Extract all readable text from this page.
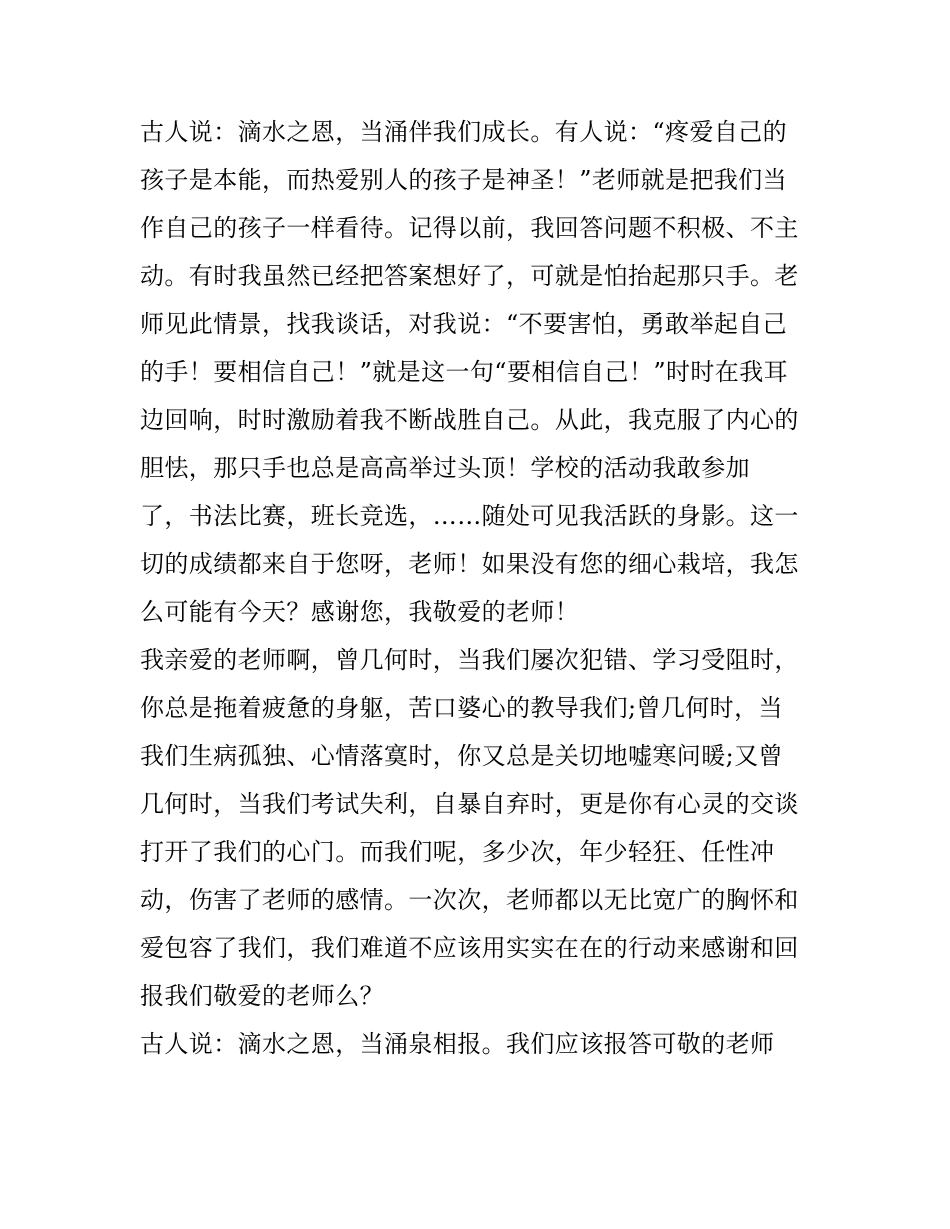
古人说：滴水之恩，当涌伴我们成长。有人说：“疼爱自己的
孩子是本能，而热爱别人的孩子是神圣！”老师就是把我们当
作自己的孩子一样看待。记得以前，我回答问题不积极、不主
动。有时我虽然已经把答案想好了，可就是怕抬起那只手。老
师见此情景，找我谈话，对我说：“不要害怕，勇敢举起自己
的手！要相信自己！”就是这一句“要相信自己！”时时在我耳
边回响，时时激励着我不断战胜自己。从此，我克服了内心的
胆怯，那只手也总是高高举过头顶！学校的活动我敢参加
了，书法比赛，班长竞选，……随处可见我活跃的身影。这一
切的成绩都来自于您呀，老师！如果没有您的细心栽培，我怎
么可能有今天？感谢您，我敬爱的老师！
我亲爱的老师啊，曾几何时，当我们屡次犯错、学习受阻时，
你总是拖着疲惫的身躯，苦口婆心的教导我们;曾几何时，当
我们生病孤独、心情落寞时，你又总是关切地嘘寒问暖;又曾
几何时，当我们考试失利，自暴自弃时，更是你有心灵的交谈
打开了我们的心门。而我们呢，多少次，年少轻狂、任性冲
动，伤害了老师的感情。一次次，老师都以无比宽广的胸怀和
爱包容了我们，我们难道不应该用实实在在的行动来感谢和回
报我们敬爱的老师么？
古人说：滴水之恩，当涌泉相报。我们应该报答可敬的老师
